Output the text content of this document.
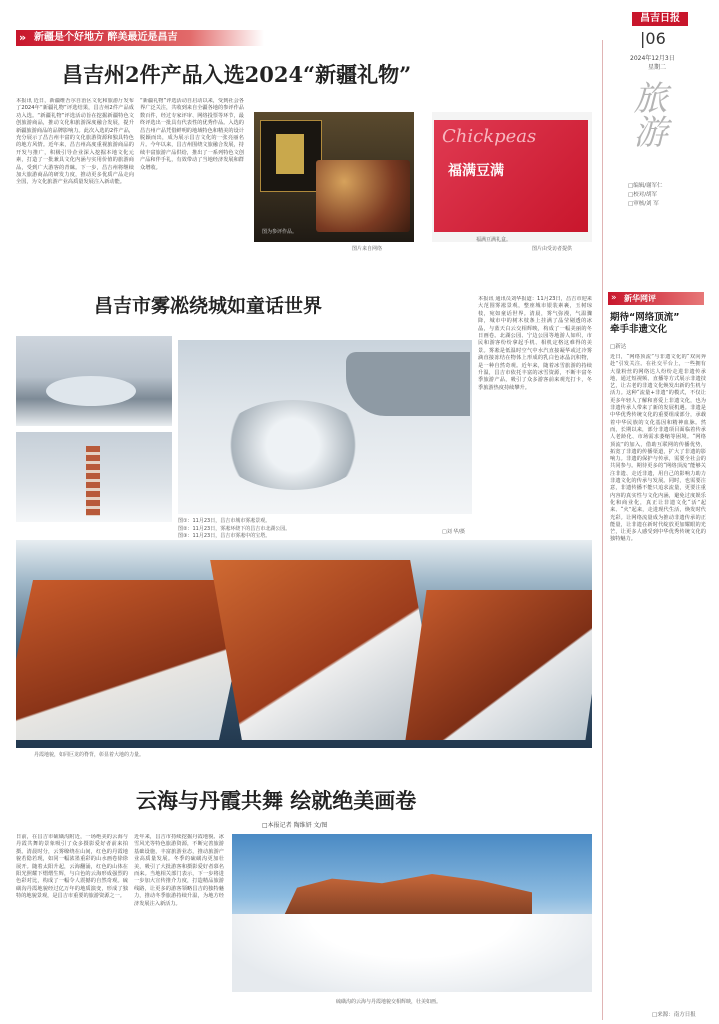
» 新疆是个好地方 醉美最近是昌吉
昌吉日报
|06
2024年12月3日
星期二
旅游
□编辑/谢军仁
□校对/胡军
□审核/刘 军
昌吉州2件产品入选2024“新疆礼物”
本报讯 近日，新疆维吾尔自治区文化和旅游厅发布了2024年“新疆礼物”评选结果，昌吉州2件产品成功入选。“新疆礼物”评选活动旨在挖掘新疆特色文创旅游商品，推动文化和旅游深度融合发展，提升新疆旅游商品的品牌影响力。此次入选的2件产品，充分展示了昌吉州丰富的文化旅游资源和独具特色的地方风情。近年来，昌吉州高度重视旅游商品的开发与推广，积极引导企业深入挖掘本地文化元素，打造了一批兼具文化内涵与实用价值的旅游商品，受到广大游客的青睐。下一步，昌吉州将继续加大旅游商品的研发力度，推动更多优质产品走向全国，为文化旅游产业高质量发展注入新动能。
“新疆礼物”评选活动自启动以来，受到社会各界广泛关注，共收到来自全疆各地的参评作品数百件，经过专家评审、网络投票等环节，最终评选出一批具有代表性的优秀作品。入选的昌吉州产品凭借鲜明的地域特色和精美的设计脱颖而出，成为展示昌吉文化的一张亮丽名片。今年以来，昌吉州围绕文旅融合发展，持续丰富旅游产品供给，推出了一系列特色文创产品和伴手礼，有效带动了当地经济发展和群众增收。
图为参评作品。
图片来自网络
Chickpeas
福满豆满
福满豆满礼盒。
图片由受访者提供
昌吉市雾凇绕城如童话世界
图①：11月23日，昌吉市城市雾凇景观。
图②：11月23日，雾凇环绕下的昌吉市北湖公园。
图③：11月23日，昌吉市雾凇中的宝塔。
□刘 华/摄
本报讯 通讯员刘华报道：11月23日，昌吉市迎来大范围雾凇景观，整座城市银装素裹，玉树琼枝，宛如童话世界。清晨，雾气弥漫，气温骤降，城市中的树木枝条上挂满了晶莹剔透的冰晶，与蓝天白云交相辉映，构成了一幅美丽的冬日画卷。北湖公园、宁边公园等地游人如织，市民和游客纷纷拿起手机、相机定格这难得的美景。雾凇是低温时空气中水汽直接凝华或过冷雾滴直接冻结在物体上形成的乳白色冰晶沉积物，是一种自然奇观。近年来，随着冰雪旅游的持续升温，昌吉市依托丰富的冰雪资源，不断丰富冬季旅游产品，吸引了众多游客前来观光打卡，冬季旅游热度持续攀升。
丹霞地貌，如同巨龙的脊背，彰显着大地的力量。
云海与丹霞共舞 绘就绝美画卷
□本报记者 陶维妍 文/图
日前，在昌吉市硫磺沟附近，一场绝美的云海与丹霞共舞的景象吸引了众多摄影爱好者前来拍摄。清晨时分，云雾缭绕在山间，红色的丹霞地貌若隐若现，如同一幅浓墨重彩的山水画卷徐徐展开。随着太阳升起，云海翻涌，红色的山体在阳光照耀下熠熠生辉，与白色的云海形成强烈的色彩对比，构成了一幅令人震撼的自然奇观。硫磺沟丹霞地貌经过亿万年的地质演变，形成了独特的地貌景观，是昌吉市重要的旅游资源之一。
近年来，昌吉市持续挖掘丹霞地貌、冰雪风光等特色旅游资源，不断完善旅游基础设施，丰富旅游业态，推动旅游产业高质量发展。冬季的硫磺沟更加壮美，吸引了大批游客和摄影爱好者慕名而来。当地相关部门表示，下一步将进一步加大宣传推介力度，打造精品旅游线路，让更多的游客领略昌吉的独特魅力，推动冬季旅游持续升温，为地方经济发展注入新活力。
硫磺沟的云海与丹霞地貌交相辉映，壮美如画。
» 新华网评
期待“网络顶流”
牵手非遗文化
□新达
近日，“网络顶流”与非遗文化的“双向奔赴”引发关注。在社交平台上，一些拥有大量粉丝的网络达人纷纷走进非遗传承地，通过短视频、直播等方式展示非遗技艺，让古老的非遗文化焕发出新的生机与活力。这种“流量+非遗”的模式，不仅让更多年轻人了解和喜爱上非遗文化，也为非遗传承人带来了新的发展机遇。非遗是中华优秀传统文化的重要组成部分，承载着中华民族的文化基因和精神血脉。然而，长期以来，部分非遗项目面临着传承人老龄化、市场需求萎缩等困境。“网络顶流”的加入，借助互联网的传播优势，拓宽了非遗的传播渠道，扩大了非遗的影响力。非遗的保护与传承，需要全社会的共同参与。期待更多的“网络顶流”能够关注非遗、走近非遗，用自己的影响力助力非遗文化的传承与发展。同时，也需要注意，非遗传播不能只追求流量，更要注重内容的真实性与文化内涵，避免过度娱乐化和商业化，真正让非遗文化“活”起来、“火”起来，走进现代生活，焕发时代光彩。让网络流量成为推动非遗传承的正能量，让非遗在新时代绽放更加耀眼的光芒，让更多人感受到中华优秀传统文化的独特魅力。
□来源：南方日报
